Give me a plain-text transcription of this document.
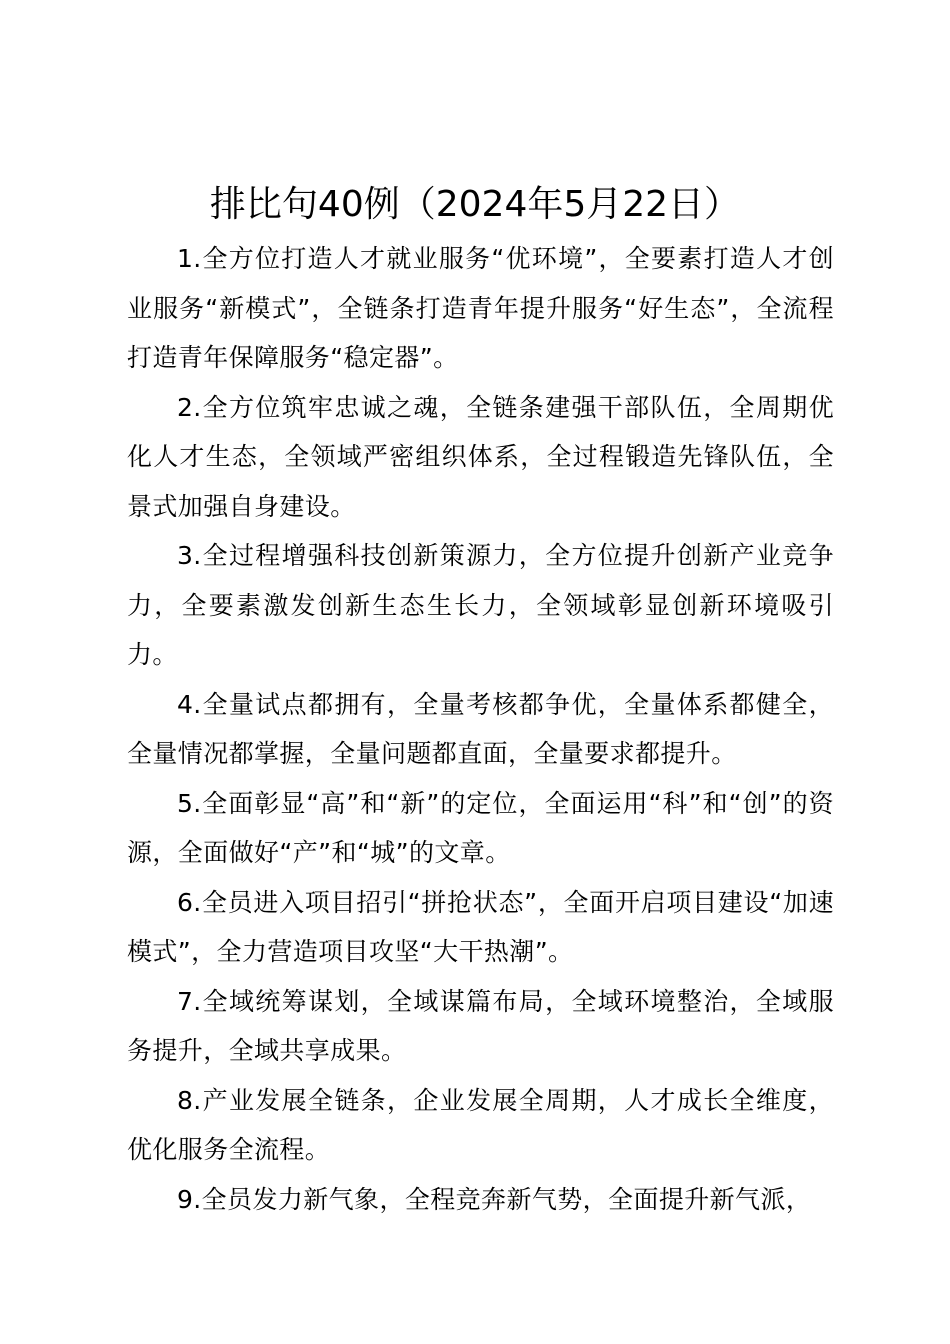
排比句40例（2024年5月22日）

1.全方位打造人才就业服务“优环境”，全要素打造人才创业服务“新模式”，全链条打造青年提升服务“好生态”，全流程打造青年保障服务“稳定器”。

2.全方位筑牢忠诚之魂，全链条建强干部队伍，全周期优化人才生态，全领域严密组织体系，全过程锻造先锋队伍，全景式加强自身建设。

3.全过程增强科技创新策源力，全方位提升创新产业竞争力，全要素激发创新生态生长力，全领域彰显创新环境吸引力。

4.全量试点都拥有，全量考核都争优，全量体系都健全，全量情况都掌握，全量问题都直面，全量要求都提升。

5.全面彰显“高”和“新”的定位，全面运用“科”和“创”的资源，全面做好“产”和“城”的文章。

6.全员进入项目招引“拼抢状态”，全面开启项目建设“加速模式”，全力营造项目攻坚“大干热潮”。

7.全域统筹谋划，全域谋篇布局，全域环境整治，全域服务提升，全域共享成果。

8.产业发展全链条，企业发展全周期，人才成长全维度，优化服务全流程。

9.全员发力新气象，全程竞奔新气势，全面提升新气派，
